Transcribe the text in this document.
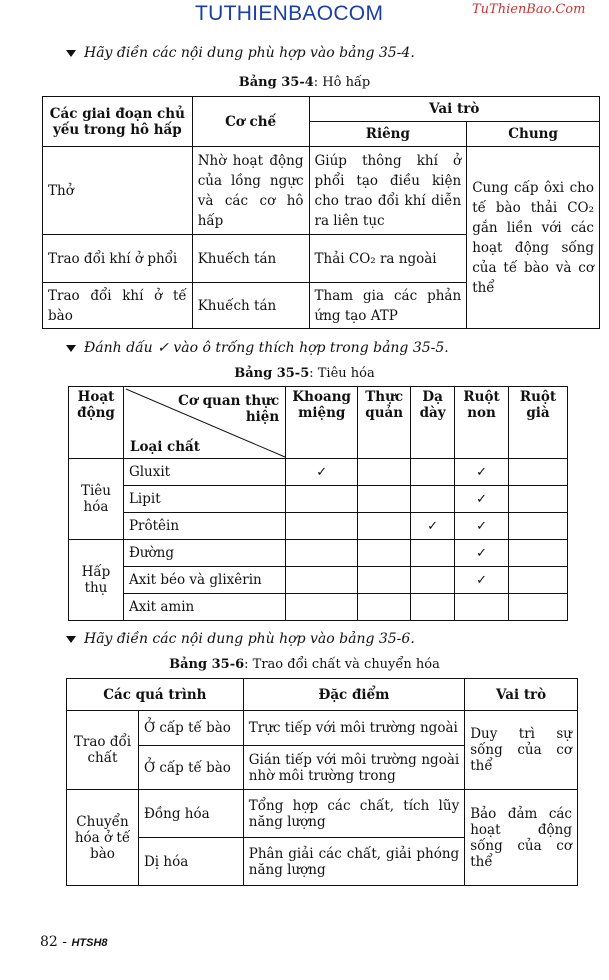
TUTHIENBAOCOM	TuThienBao.Com
Hãy điền các nội dung phù hợp vào bảng 35-4.
Bảng 35-4: Hô hấp
Các giai đoạn chủ yếu trong hô hấp	Cơ chế	Vai trò	
		Riêng	Chung
Thở	Nhờ hoạt động của lồng ngực và các cơ hô hấp	Giúp thông khí ở phổi tạo điều kiện cho trao đổi khí diễn ra liên tục	Cung cấp ôxi cho tế bào thải CO₂ gắn liền với các hoạt động sống của tế bào và cơ thể
Trao đổi khí ở phổi	Khuếch tán	Thải CO₂ ra ngoài	
Trao đổi khí ở tế bào	Khuếch tán	Tham gia các phản ứng tạo ATP	
Đánh dấu ✓ vào ô trống thích hợp trong bảng 35-5.
Bảng 35-5: Tiêu hóa
Hoạt động	Cơ quan thực hiện
Loại chất	Khoang miệng	Thực quản	Dạ dày	Ruột non	Ruột già
Tiêu hóa	Gluxit	✓			✓	
	Lipit				✓	
	Prôtêin			✓	✓	
Hấp thụ	Đường				✓	
	Axit béo và glixêrin				✓	
	Axit amin					
Hãy điền các nội dung phù hợp vào bảng 35-6.
Bảng 35-6: Trao đổi chất và chuyển hóa
Các quá trình		Đặc điểm	Vai trò
Trao đổi chất	Ở cấp tế bào	Trực tiếp với môi trường ngoài	Duy trì sự sống của cơ thể
	Ở cấp tế bào	Gián tiếp với môi trường ngoài nhờ môi trường trong	
Chuyển hóa ở tế bào	Đồng hóa	Tổng hợp các chất, tích lũy năng lượng	Bảo đảm các hoạt động sống của cơ thể
	Dị hóa	Phân giải các chất, giải phóng năng lượng	
82 - HTSH8
